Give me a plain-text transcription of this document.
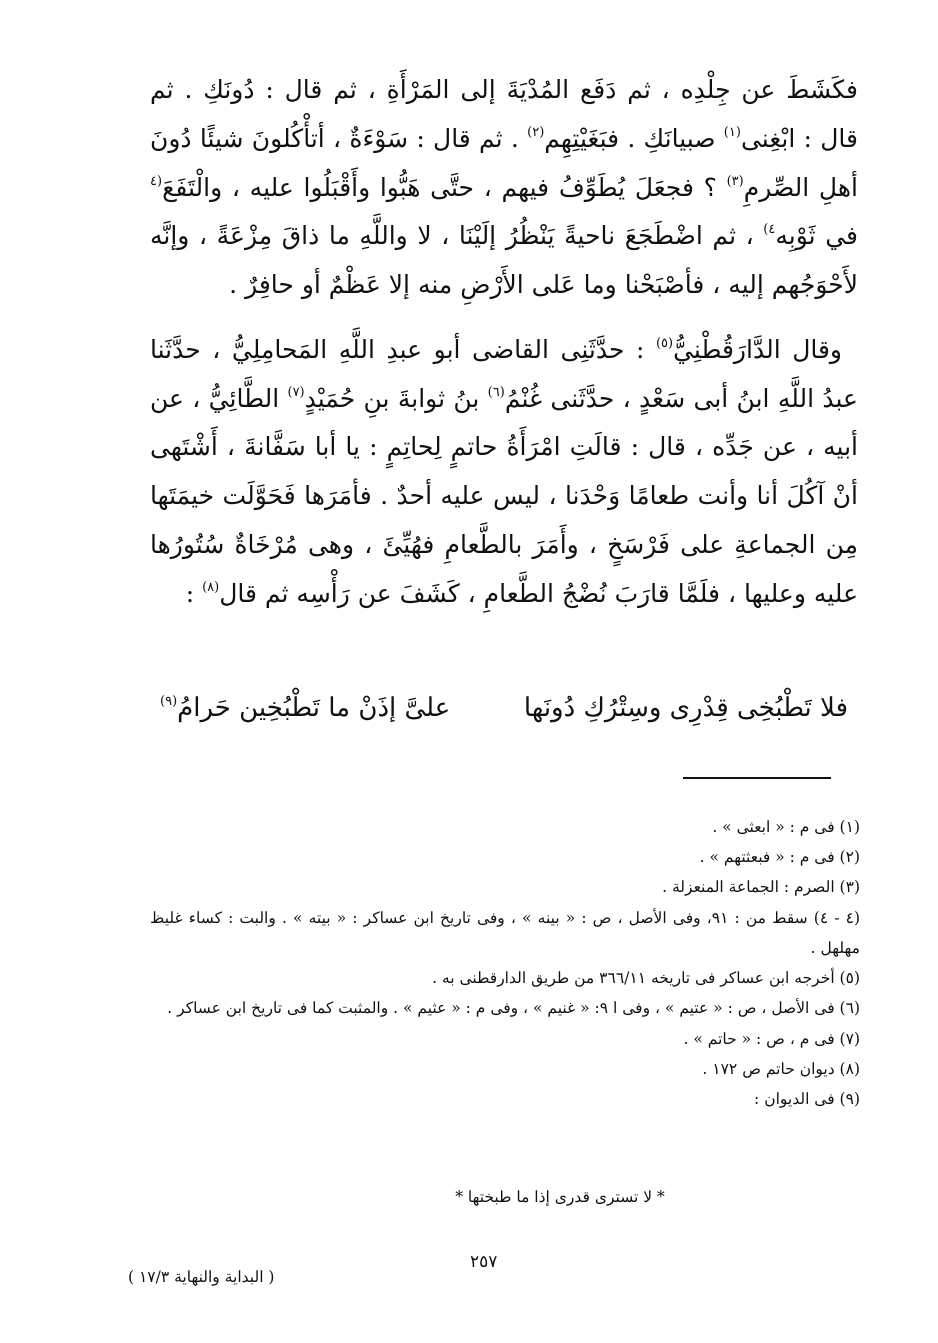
فكَشَطَ عن جِلْدِه ، ثم دَفَع المُدْيَةَ إلى المَرْأَةِ ، ثم قال : دُونَكِ . ثم قال : ابْغِنى$^{(١)}$ صبيانَكِ . فبَغَيْتِهِم$^{(٢)}$ . ثم قال : سَوْءَةٌ ، أتأْكُلونَ شيئًا دُونَ أهلِ الصِّرمِ$^{(٣)}$ ؟ فجعَلَ يُطَوِّفُ فيهم ، حتَّى هَبُّوا وأَقْبَلُوا عليه ، والْتَفَعَ$^{(٤}$ في ثَوْبِه$^{٤)}$ ، ثم اضْطَجَعَ ناحيةً يَنْظُرُ إلَيْنَا ، لا واللَّهِ ما ذاقَ مِزْعَةً ، وإنَّه لأَحْوَجُهم إليه ، فأصْبَحْنا وما عَلى الأَرْضِ منه إلا عَظْمٌ أو حافِرٌ .

وقال الدَّارَقُطْنِيُّ$^{(٥)}$ : حدَّثَنِى القاضى أبو عبدِ اللَّهِ المَحامِلِيُّ ، حدَّثَنا عبدُ اللَّهِ ابنُ أبى سَعْدٍ ، حدَّثَنى غُنْمُ$^{(٦)}$ بنُ ثوابةَ بنِ حُمَيْدٍ$^{(٧)}$ الطَّائِيُّ ، عن أبيه ، عن جَدِّه ، قال : قالَتِ امْرَأَةُ حاتمٍ لِحاتِمٍ : يا أبا سَفَّانةَ ، أَشْتَهى أنْ آكُلَ أنا وأنت طعامًا وَحْدَنا ، ليس عليه أحدٌ . فأمَرَها فَحَوَّلَت خيمَتَها مِن الجماعةِ على فَرْسَخٍ ، وأَمَرَ بالطَّعامِ فهُيِّئَ ، وهى مُرْخَاةٌ سُتُورُها عليه وعليها ، فلَمَّا قارَبَ نُضْجُ الطَّعامِ ، كَشَفَ عن رَأْسِه ثم قال$^{(٨)}$ :

فلا تَطْبُخِى قِدْرِى وسِتْرُكِ دُونَها
علىَّ إذَنْ ما تَطْبُخِين حَرامُ$^{(٩)}$

(١) فى م : « ابعثى » .

(٢) فى م : « فبعثتهم » .

(٣) الصرم : الجماعة المنعزلة .

(٤ - ٤) سقط من : ٩١، وفى الأصل ، ص : « بينه » ، وفى تاريخ ابن عساكر : « بيته » . والبت : كساء غليظ مهلهل .

(٥) أخرجه ابن عساكر فى تاريخه ٣٦٦/١١ من طريق الدارقطنى به .

(٦) فى الأصل ، ص : « عتيم » ، وفى ا ٩: « غنيم » ، وفى م : « عثيم » . والمثبت كما فى تاريخ ابن عساكر .

(٧) فى م ، ص : « حاتم » .

(٨) ديوان حاتم ص ١٧٢ .

(٩) فى الديوان :

* لا تسترى قدرى إذا ما طبختها *
٢٥٧
( البداية والنهاية ١٧/٣ )
